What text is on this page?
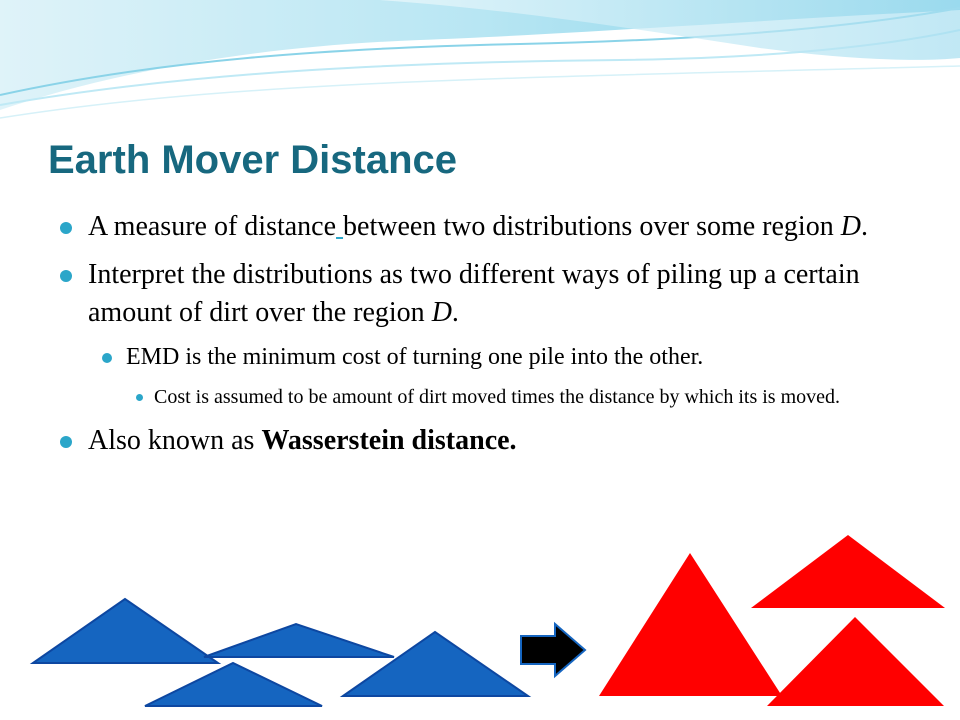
Earth Mover Distance
A measure of distance between two distributions over some region D.
Interpret the distributions as two different ways of piling up a certain amount of dirt over the region D.
EMD is the minimum cost of turning one pile into the other.
Cost is assumed to be amount of dirt moved times the distance by which its is moved.
Also known as Wasserstein distance.
